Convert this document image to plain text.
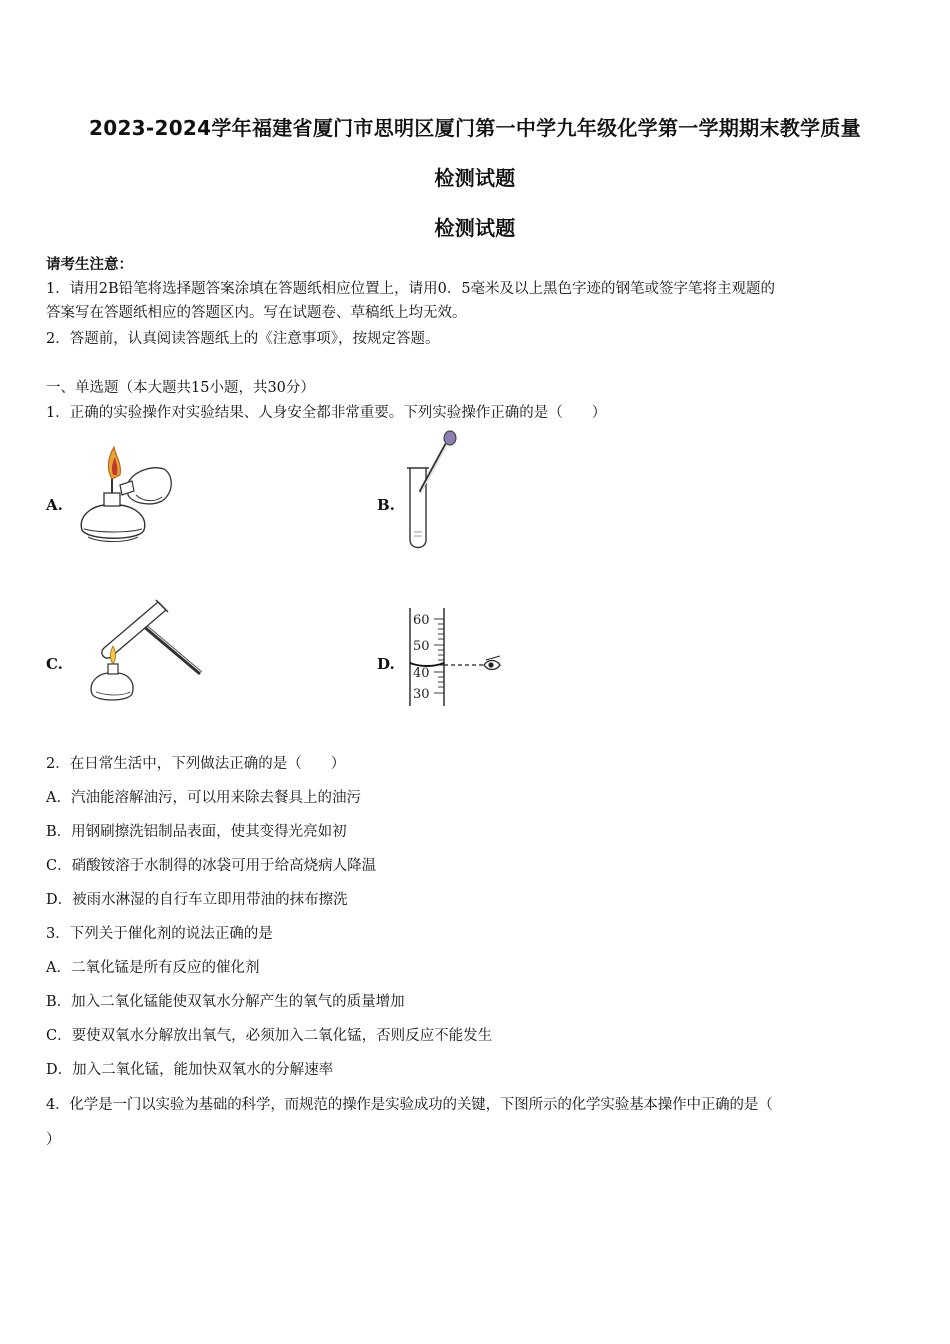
2023-2024学年福建省厦门市思明区厦门第一中学九年级化学第一学期期末教学质量
检测试题
检测试题
请考生注意：
1．请用2B铅笔将选择题答案涂填在答题纸相应位置上，请用0．5毫米及以上黑色字迹的钢笔或签字笔将主观题的
答案写在答题纸相应的答题区内。写在试题卷、草稿纸上均无效。
2．答题前，认真阅读答题纸上的《注意事项》，按规定答题。
一、单选题（本大题共15小题，共30分）
1．正确的实验操作对实验结果、人身安全都非常重要。下列实验操作正确的是（　　）
A.	B.
C.	D.
60
50
40
30
2．在日常生活中，下列做法正确的是（　　）
A．汽油能溶解油污，可以用来除去餐具上的油污
B．用钢刷擦洗铝制品表面，使其变得光亮如初
C．硝酸铵溶于水制得的冰袋可用于给高烧病人降温
D．被雨水淋湿的自行车立即用带油的抹布擦洗
3．下列关于催化剂的说法正确的是
A．二氧化锰是所有反应的催化剂
B．加入二氧化锰能使双氧水分解产生的氧气的质量增加
C．要使双氧水分解放出氧气，必须加入二氧化锰，否则反应不能发生
D．加入二氧化锰，能加快双氧水的分解速率
4．化学是一门以实验为基础的科学，而规范的操作是实验成功的关键，下图所示的化学实验基本操作中正确的是（
）
